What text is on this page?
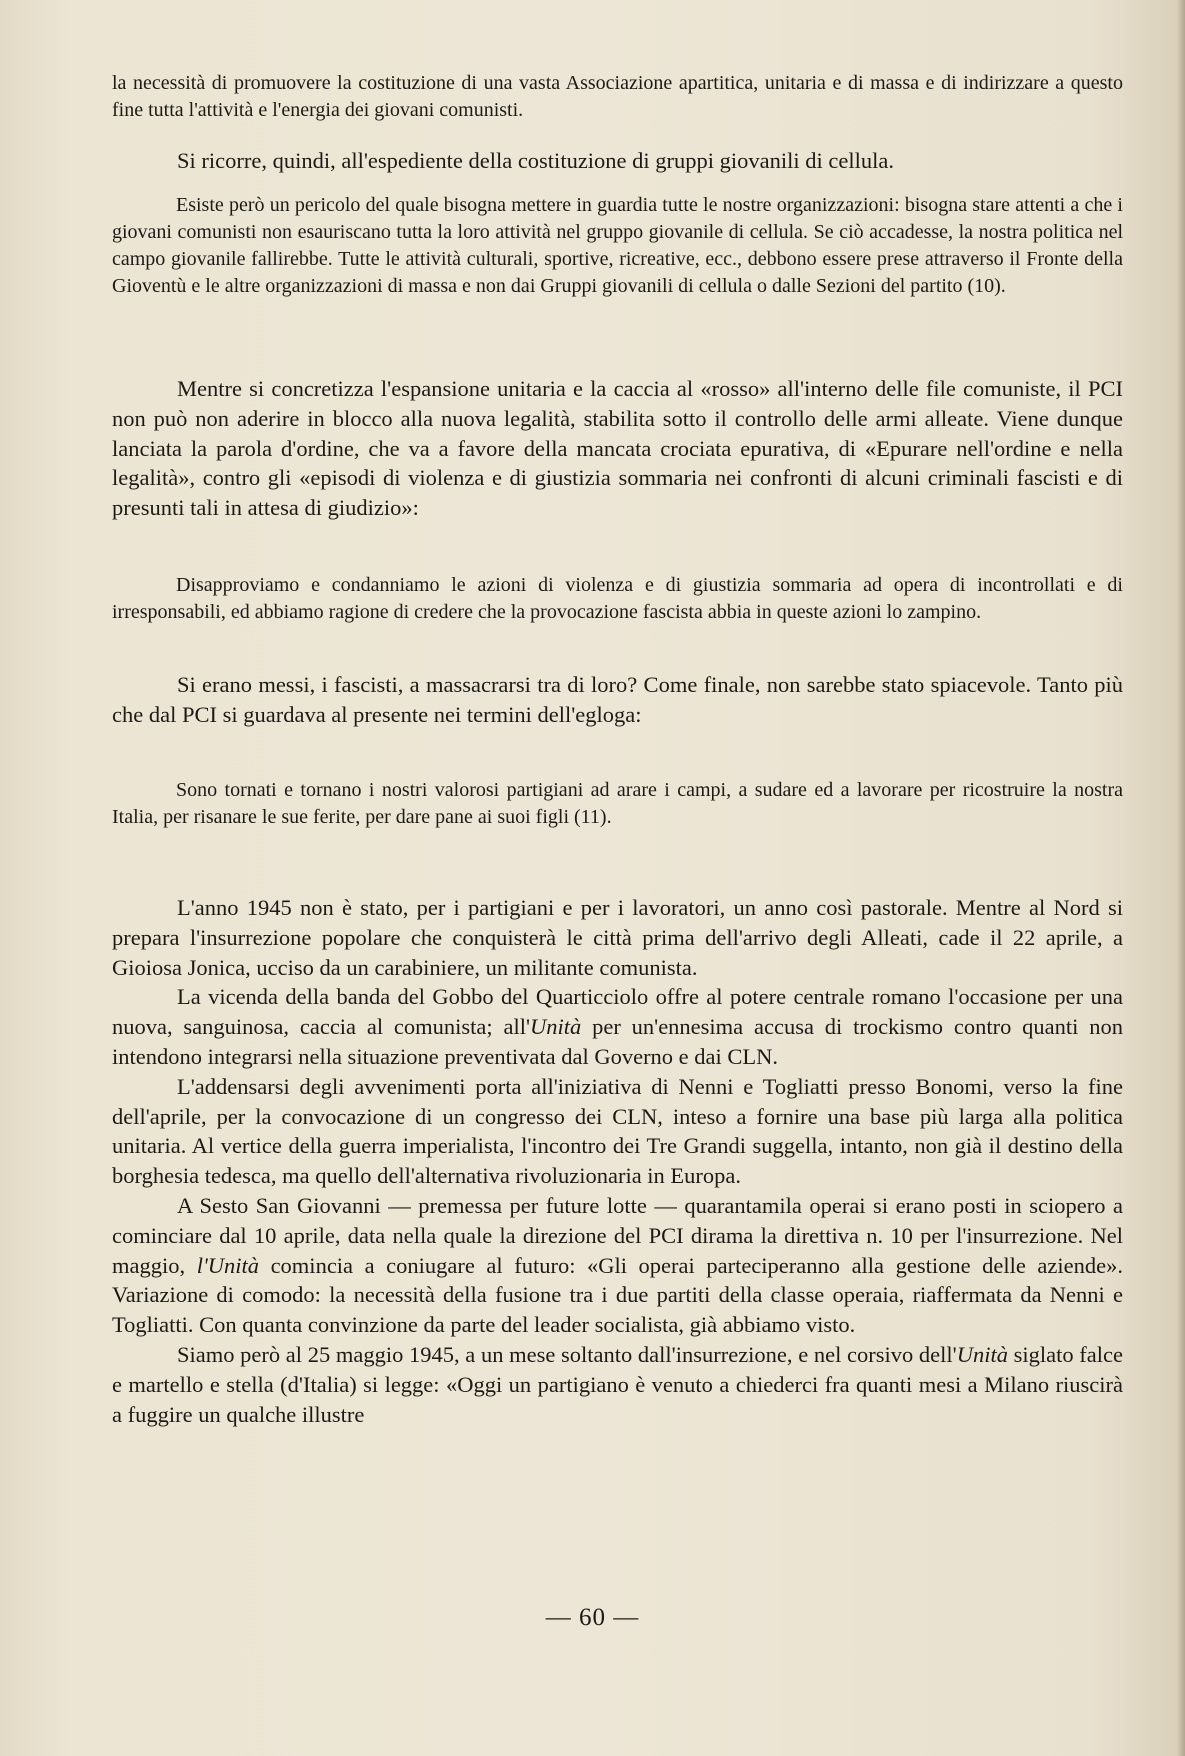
la necessità di promuovere la costituzione di una vasta Associazione apartitica, unitaria e di massa e di indirizzare a questo fine tutta l'attività e l'energia dei giovani comunisti.

Si ricorre, quindi, all'espediente della costituzione di gruppi giovanili di cellula.

Esiste però un pericolo del quale bisogna mettere in guardia tutte le nostre organizzazioni: bisogna stare attenti a che i giovani comunisti non esauriscano tutta la loro attività nel gruppo giovanile di cellula. Se ciò accadesse, la nostra politica nel campo giovanile fallirebbe. Tutte le attività culturali, sportive, ricreative, ecc., debbono essere prese attraverso il Fronte della Gioventù e le altre organizzazioni di massa e non dai Gruppi giovanili di cellula o dalle Sezioni del partito (10).

Mentre si concretizza l'espansione unitaria e la caccia al «rosso» all'interno delle file comuniste, il PCI non può non aderire in blocco alla nuova legalità, stabilita sotto il controllo delle armi alleate. Viene dunque lanciata la parola d'ordine, che va a favore della mancata crociata epurativa, di «Epurare nell'ordine e nella legalità», contro gli «episodi di violenza e di giustizia sommaria nei confronti di alcuni criminali fascisti e di presunti tali in attesa di giudizio»:

Disapproviamo e condanniamo le azioni di violenza e di giustizia sommaria ad opera di incontrollati e di irresponsabili, ed abbiamo ragione di credere che la provocazione fascista abbia in queste azioni lo zampino.

Si erano messi, i fascisti, a massacrarsi tra di loro? Come finale, non sarebbe stato spiacevole. Tanto più che dal PCI si guardava al presente nei termini dell'egloga:

Sono tornati e tornano i nostri valorosi partigiani ad arare i campi, a sudare ed a lavorare per ricostruire la nostra Italia, per risanare le sue ferite, per dare pane ai suoi figli (11).

L'anno 1945 non è stato, per i partigiani e per i lavoratori, un anno così pastorale. Mentre al Nord si prepara l'insurrezione popolare che conquisterà le città prima dell'arrivo degli Alleati, cade il 22 aprile, a Gioiosa Jonica, ucciso da un carabiniere, un militante comunista.

La vicenda della banda del Gobbo del Quarticciolo offre al potere centrale romano l'occasione per una nuova, sanguinosa, caccia al comunista; all'Unità per un'ennesima accusa di trockismo contro quanti non intendono integrarsi nella situazione preventivata dal Governo e dai CLN.

L'addensarsi degli avvenimenti porta all'iniziativa di Nenni e Togliatti presso Bonomi, verso la fine dell'aprile, per la convocazione di un congresso dei CLN, inteso a fornire una base più larga alla politica unitaria. Al vertice della guerra imperialista, l'incontro dei Tre Grandi suggella, intanto, non già il destino della borghesia tedesca, ma quello dell'alternativa rivoluzionaria in Europa.

A Sesto San Giovanni — premessa per future lotte — quarantamila operai si erano posti in sciopero a cominciare dal 10 aprile, data nella quale la direzione del PCI dirama la direttiva n. 10 per l'insurrezione. Nel maggio, l'Unità comincia a coniugare al futuro: «Gli operai parteciperanno alla gestione delle aziende». Variazione di comodo: la necessità della fusione tra i due partiti della classe operaia, riaffermata da Nenni e Togliatti. Con quanta convinzione da parte del leader socialista, già abbiamo visto.

Siamo però al 25 maggio 1945, a un mese soltanto dall'insurrezione, e nel corsivo dell'Unità siglato falce e martello e stella (d'Italia) si legge: «Oggi un partigiano è venuto a chiederci fra quanti mesi a Milano riuscirà a fuggire un qualche illustre

— 60 —
